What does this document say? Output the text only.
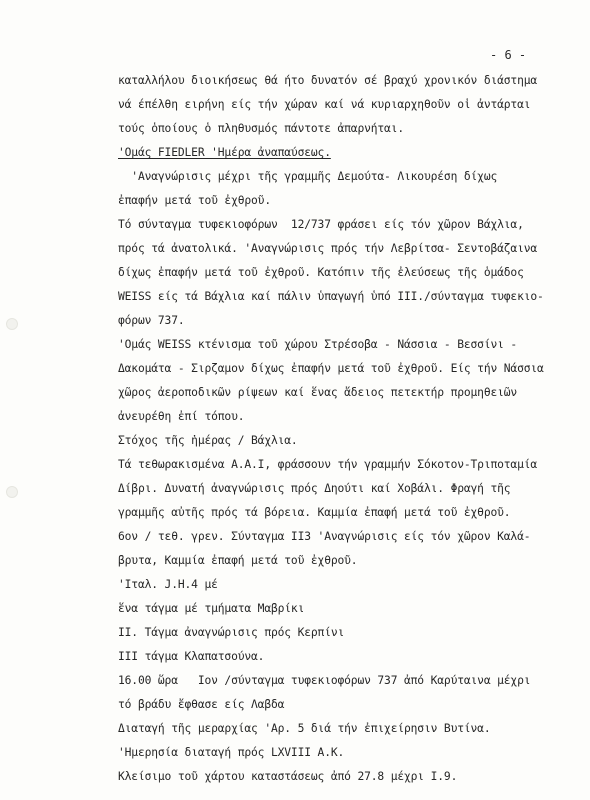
- 6 -
καταλλήλου διοικήσεως θά ήτο δυνατόν σέ βραχύ χρονικόν διάστημα
νά έπέλθη ειρήνη είς τήν χώραν καί νά κυριαρχηθοῦν οἱ ἀντάρται
τούς ὁποίους ὁ πληθυσμός πάντοτε ἀπαρνήται.
'Ομάς FIEDLER 'Ημέρα ἀναπαύσεως.
'Αναγνώρισις μέχρι τῆς γραμμῆς Δεμούτα- Λικουρέση δίχως
ἐπαφήν μετά τοῦ ἐχθροῦ.
Τό σύνταγμα τυφεκιοφόρων  12/737 φράσει είς τόν χῶρον Βάχλια,
πρός τά ἀνατολικά. 'Αναγνώρισις πρός τήν Λεβρίτσα- Σεντοβάζαινα
δίχως ἐπαφήν μετά τοῦ ἐχθροῦ. Κατόπιν τῆς ἐλεύσεως τῆς ὁμάδος
WEISS είς τά Βάχλια καί πάλιν ὑπαγωγή ὑπό III./σύνταγμα τυφεκιο-
φόρων 737.
'Ομάς WEISS κτένισμα τοῦ χώρου Στρέσοβα - Νάσσια - Βεσσίνι -
Δακομάτα - Σιρζαμον δίχως ἐπαφήν μετά τοῦ ἐχθροῦ. Είς τήν Νάσσια
χῶρος ἀεροποδικῶν ρίψεων καί ἕνας ἄδειος πετεκτήρ προμηθειῶν
ἀνευρέθη ἐπί τόπου.
Στόχος τῆς ἡμέρας / Βάχλια.
Τά τεθωρακισμένα Α.Α.Ι, φράσσουν τήν γραμμήν Σόκοτον-Τριποταμία
Δίβρι. Δυνατή ἀναγνώρισις πρός Δηούτι καί Χοβάλι. Φραγή τῆς
γραμμῆς αὐτῆς πρός τά βόρεια. Καμμία ἐπαφή μετά τοῦ ἐχθροῦ.
6ον / τεθ. γρεν. Σύνταγμα II3 'Αναγνώρισις είς τόν χῶρον Καλά-
βρυτα, Καμμία ἐπαφή μετά τοῦ ἐχθροῦ.
'Ιταλ. J.H.4 μέ
ἕνα τάγμα μέ τμήματα Μαβρίκι
II. Τάγμα ἀναγνώρισις πρός Κερπίνι
III τάγμα Κλαπατσούνα.
16.00 ὥρα   Ιον /σύνταγμα τυφεκιοφόρων 737 ἀπό Καρύταινα μέχρι
τό βράδυ ἔφθασε είς Λαβδα
Διαταγή τῆς μεραρχίας 'Αρ. 5 διά τήν ἐπιχείρησιν Βυτίνα.
'Ημερησία διαταγή πρός LXVIII Α.Κ.
Κλείσιμο τοῦ χάρτου καταστάσεως ἀπό 27.8 μέχρι Ι.9.
